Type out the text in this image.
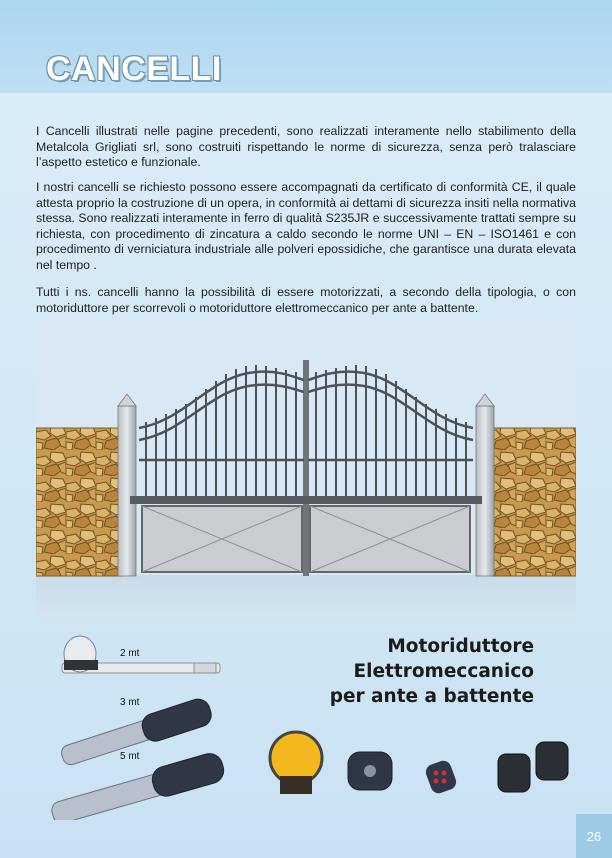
CANCELLI

I Cancelli illustrati nelle pagine precedenti, sono realizzati interamente nello stabilimento della Metalcola Grigliati srl, sono costruiti rispettando le norme di sicurezza, senza però tralasciare l’aspetto estetico e funzionale.

I nostri cancelli se richiesto possono essere accompagnati da certificato di conformità CE, il quale attesta proprio la costruzione di un opera, in conformità ai dettami di sicurezza insiti nella normativa stessa. Sono realizzati interamente in ferro di qualità S235JR e successivamente trattati sempre su richiesta, con procedimento di zincatura a caldo secondo le norme UNI – EN – ISO1461 e con procedimento di verniciatura industriale alle polveri epossidiche, che garantisce una durata elevata nel tempo .

Tutti i ns. cancelli hanno la possibilità di essere motorizzati, a secondo della tipologia, o con motoriduttore per scorrevoli o motoriduttore elettromeccanico per ante a battente.

2 mt
3 mt
5 mt
Motoriduttore
Elettromeccanico
per ante a battente
26
